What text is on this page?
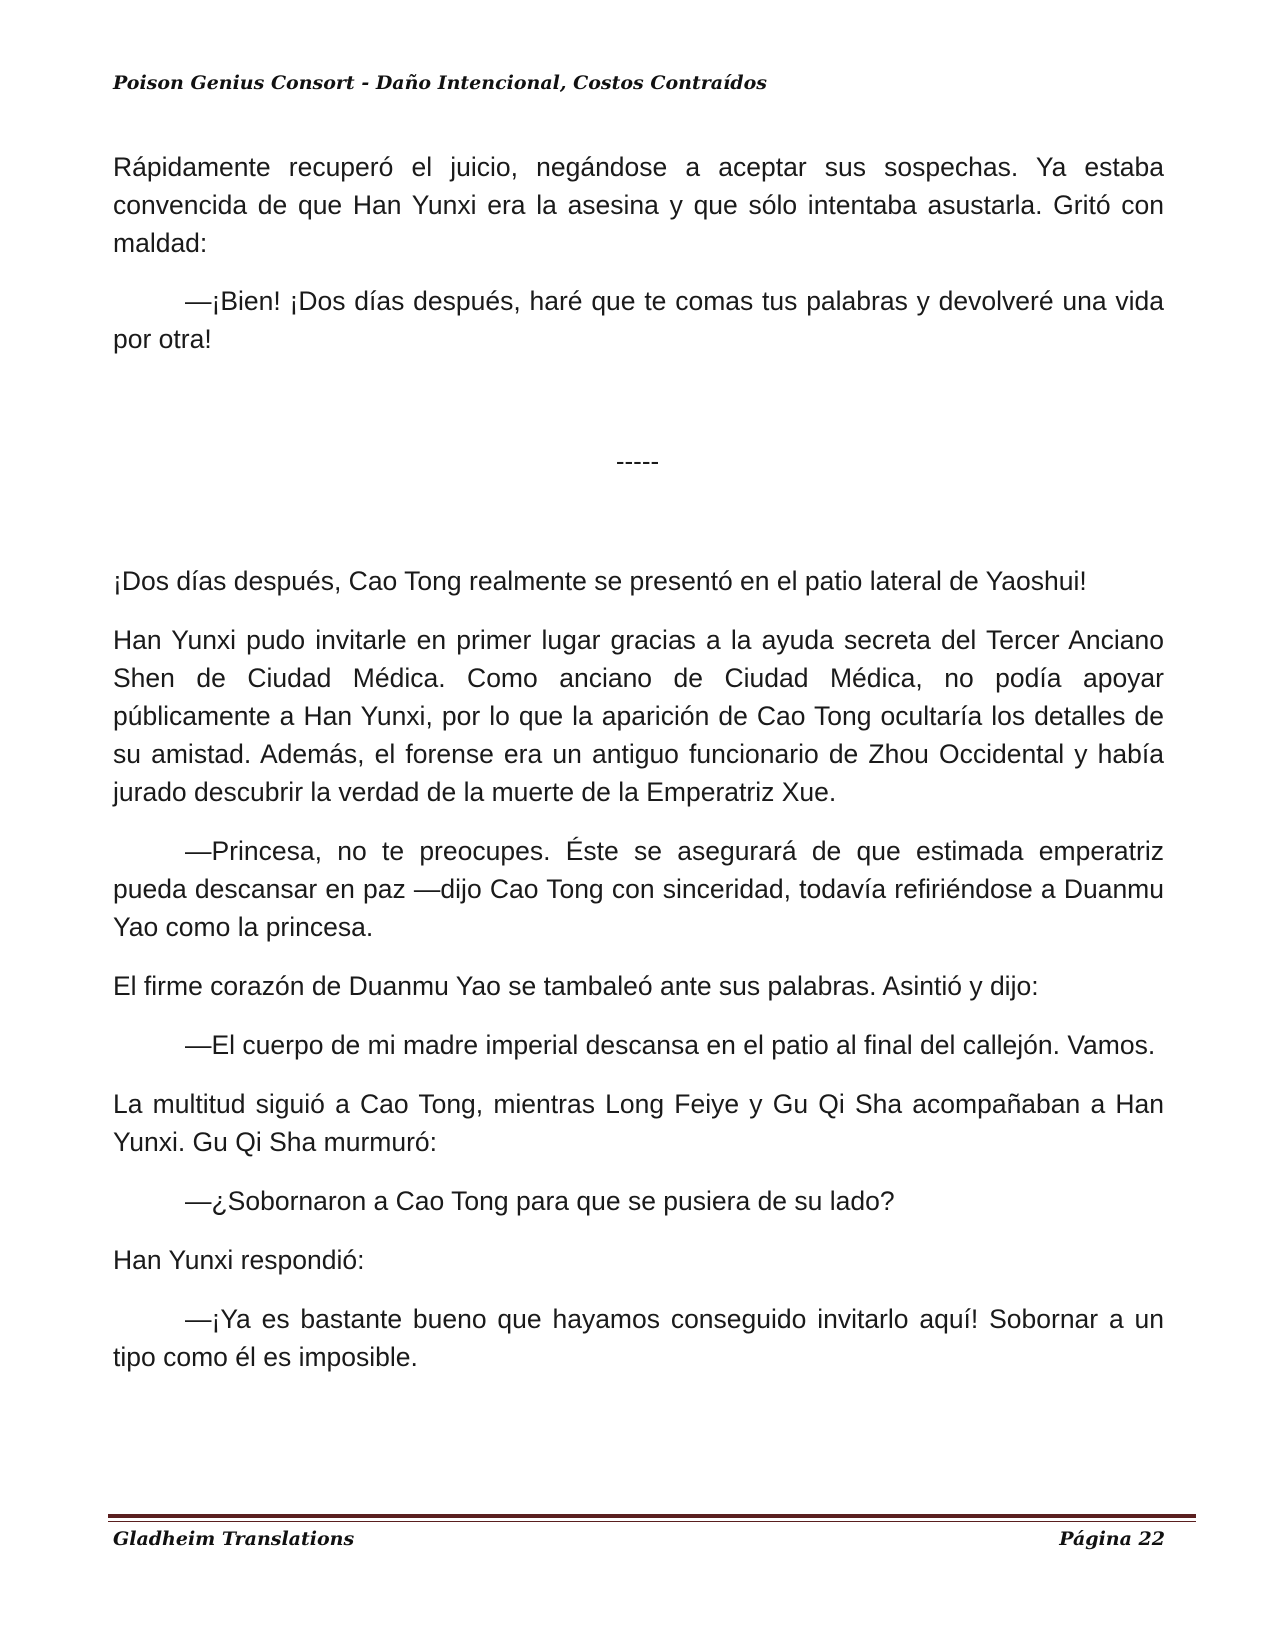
Poison Genius Consort - Daño Intencional, Costos Contraídos

Rápidamente recuperó el juicio, negándose a aceptar sus sospechas. Ya estaba convencida de que Han Yunxi era la asesina y que sólo intentaba asustarla. Gritó con maldad:

—¡Bien! ¡Dos días después, haré que te comas tus palabras y devolveré una vida por otra!

-----

¡Dos días después, Cao Tong realmente se presentó en el patio lateral de Yaoshui!

Han Yunxi pudo invitarle en primer lugar gracias a la ayuda secreta del Tercer Anciano Shen de Ciudad Médica. Como anciano de Ciudad Médica, no podía apoyar públicamente a Han Yunxi, por lo que la aparición de Cao Tong ocultaría los detalles de su amistad. Además, el forense era un antiguo funcionario de Zhou Occidental y había jurado descubrir la verdad de la muerte de la Emperatriz Xue.

—Princesa, no te preocupes. Éste se asegurará de que estimada emperatriz pueda descansar en paz —dijo Cao Tong con sinceridad, todavía refiriéndose a Duanmu Yao como la princesa.

El firme corazón de Duanmu Yao se tambaleó ante sus palabras. Asintió y dijo:

—El cuerpo de mi madre imperial descansa en el patio al final del callejón. Vamos.

La multitud siguió a Cao Tong, mientras Long Feiye y Gu Qi Sha acompañaban a Han Yunxi. Gu Qi Sha murmuró:

—¿Sobornaron a Cao Tong para que se pusiera de su lado?

Han Yunxi respondió:

—¡Ya es bastante bueno que hayamos conseguido invitarlo aquí! Sobornar a un tipo como él es imposible.

Gladheim Translations	Página 22
